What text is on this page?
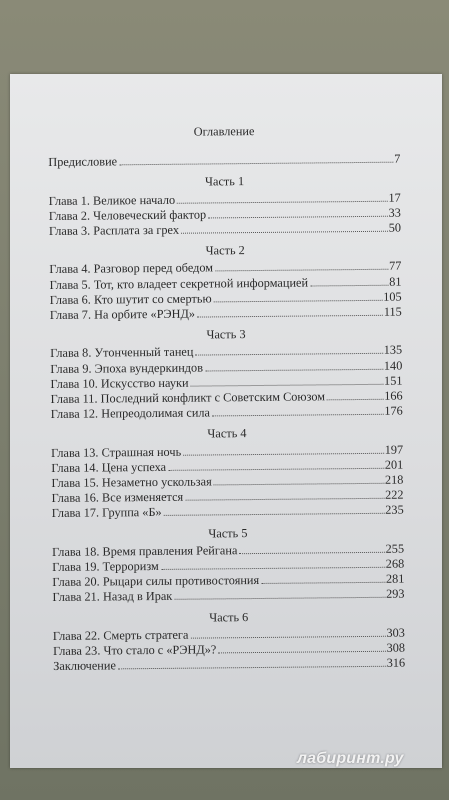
Оглавление
Предисловие	7
Часть 1
Глава 1. Великое начало	17
Глава 2. Человеческий фактор	33
Глава 3. Расплата за грех	50
Часть 2
Глава 4. Разговор перед обедом	77
Глава 5. Тот, кто владеет секретной информацией	81
Глава 6. Кто шутит со смертью	105
Глава 7. На орбите «РЭНД»	115
Часть 3
Глава 8. Утонченный танец	135
Глава 9. Эпоха вундеркиндов	140
Глава 10. Искусство науки	151
Глава 11. Последний конфликт с Советским Союзом	166
Глава 12. Непреодолимая сила	176
Часть 4
Глава 13. Страшная ночь	197
Глава 14. Цена успеха	201
Глава 15. Незаметно ускользая	218
Глава 16. Все изменяется	222
Глава 17. Группа «Б»	235
Часть 5
Глава 18. Время правления Рейгана	255
Глава 19. Терроризм	268
Глава 20. Рыцари силы противостояния	281
Глава 21. Назад в Ирак	293
Часть 6
Глава 22. Смерть стратега	303
Глава 23. Что стало с «РЭНД»?	308
Заключение	316
лабиринт.ру
